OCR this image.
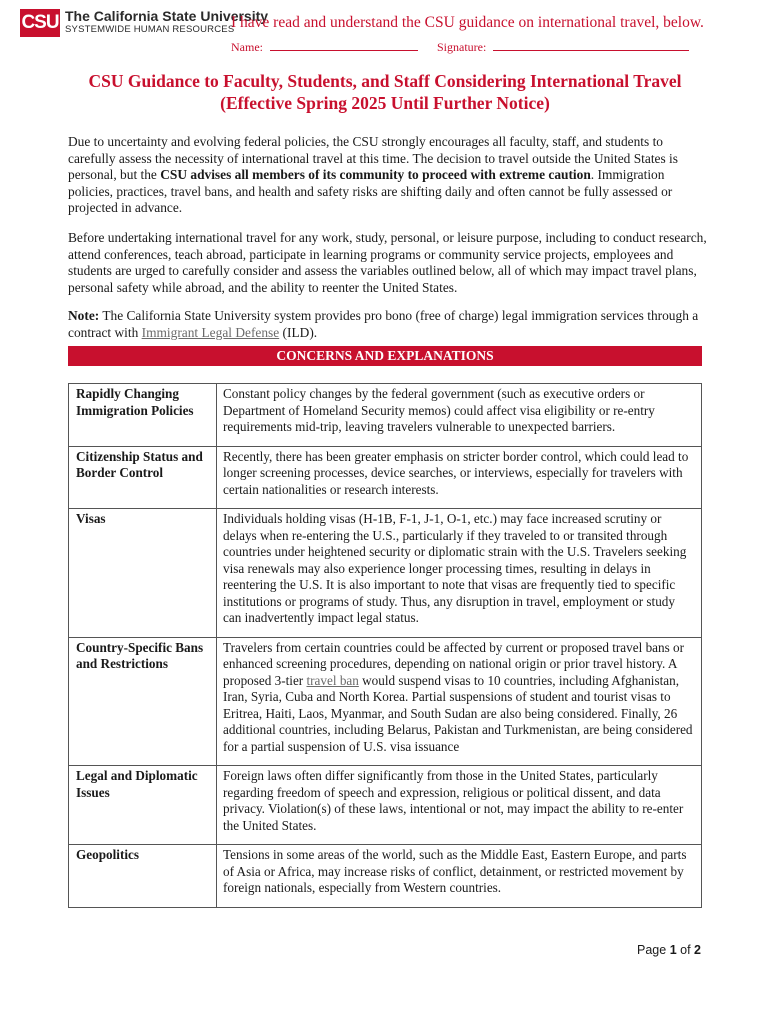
CSU The California State University
SYSTEMWIDE HUMAN RESOURCES
I have read and understand the CSU guidance on international travel, below.
Name:	Signature:
CSU Guidance to Faculty, Students, and Staff Considering International Travel
(Effective Spring 2025 Until Further Notice)
Due to uncertainty and evolving federal policies, the CSU strongly encourages all faculty, staff, and students to carefully assess the necessity of international travel at this time. The decision to travel outside the United States is personal, but the CSU advises all members of its community to proceed with extreme caution. Immigration policies, practices, travel bans, and health and safety risks are shifting daily and often cannot be fully assessed or projected in advance.
Before undertaking international travel for any work, study, personal, or leisure purpose, including to conduct research, attend conferences, teach abroad, participate in learning programs or community service projects, employees and students are urged to carefully consider and assess the variables outlined below, all of which may impact travel plans, personal safety while abroad, and the ability to reenter the United States.
Note: The California State University system provides pro bono (free of charge) legal immigration services through a contract with Immigrant Legal Defense (ILD).
CONCERNS AND EXPLANATIONS
Rapidly Changing Immigration Policies	Constant policy changes by the federal government (such as executive orders or Department of Homeland Security memos) could affect visa eligibility or re-entry requirements mid-trip, leaving travelers vulnerable to unexpected barriers.
Citizenship Status and Border Control	Recently, there has been greater emphasis on stricter border control, which could lead to longer screening processes, device searches, or interviews, especially for travelers with certain nationalities or research interests.
Visas	Individuals holding visas (H-1B, F-1, J-1, O-1, etc.) may face increased scrutiny or delays when re-entering the U.S., particularly if they traveled to or transited through countries under heightened security or diplomatic strain with the U.S. Travelers seeking visa renewals may also experience longer processing times, resulting in delays in reentering the U.S. It is also important to note that visas are frequently tied to specific institutions or programs of study. Thus, any disruption in travel, employment or study can inadvertently impact legal status.
Country-Specific Bans and Restrictions	Travelers from certain countries could be affected by current or proposed travel bans or enhanced screening procedures, depending on national origin or prior travel history. A proposed 3-tier travel ban would suspend visas to 10 countries, including Afghanistan, Iran, Syria, Cuba and North Korea. Partial suspensions of student and tourist visas to Eritrea, Haiti, Laos, Myanmar, and South Sudan are also being considered. Finally, 26 additional countries, including Belarus, Pakistan and Turkmenistan, are being considered for a partial suspension of U.S. visa issuance
Legal and Diplomatic Issues	Foreign laws often differ significantly from those in the United States, particularly regarding freedom of speech and expression, religious or political dissent, and data privacy. Violation(s) of these laws, intentional or not, may impact the ability to re-enter the United States.
Geopolitics	Tensions in some areas of the world, such as the Middle East, Eastern Europe, and parts of Asia or Africa, may increase risks of conflict, detainment, or restricted movement by foreign nationals, especially from Western countries.
Page 1 of 2
